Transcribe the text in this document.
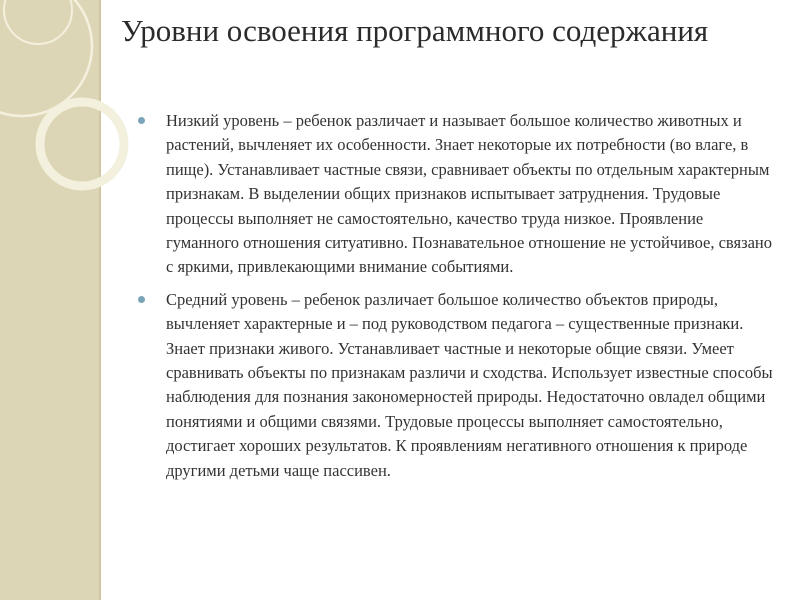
Уровни освоения программного содержания
Низкий уровень – ребенок различает и называет большое количество животных и растений, вычленяет их особенности. Знает некоторые их потребности (во влаге, в пище). Устанавливает частные связи, сравнивает объекты по отдельным характерным признакам. В выделении общих признаков испытывает затруднения. Трудовые процессы выполняет не самостоятельно, качество труда низкое. Проявление гуманного отношения ситуативно. Познавательное отношение не устойчивое, связано с яркими, привлекающими внимание событиями.
Средний уровень – ребенок различает большое количество объектов природы, вычленяет характерные и – под руководством педагога – существенные признаки. Знает признаки живого. Устанавливает частные и некоторые общие связи. Умеет сравнивать объекты по признакам различи и сходства. Использует известные способы наблюдения для познания закономерностей природы. Недостаточно овладел общими понятиями и общими связями. Трудовые процессы выполняет самостоятельно, достигает хороших результатов. К проявлениям негативного отношения к природе другими детьми чаще пассивен.
